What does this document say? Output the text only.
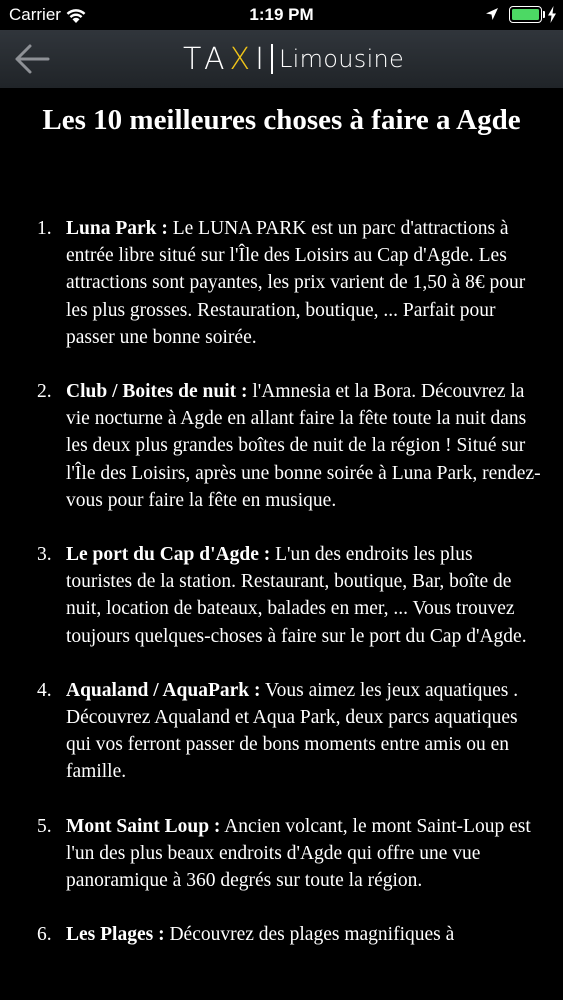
Carrier	1:19 PM
TAXI Limousine
Les 10 meilleures choses à faire a Agde
1. Luna Park : Le LUNA PARK est un parc d'attractions à entrée libre situé sur l'Île des Loisirs au Cap d'Agde. Les attractions sont payantes, les prix varient de 1,50 à 8€ pour les plus grosses. Restauration, boutique, ... Parfait pour passer une bonne soirée.
2. Club / Boites de nuit : l'Amnesia et la Bora. Découvrez la vie nocturne à Agde en allant faire la fête toute la nuit dans les deux plus grandes boîtes de nuit de la région ! Situé sur l'Île des Loisirs, après une bonne soirée à Luna Park, rendez-vous pour faire la fête en musique.
3. Le port du Cap d'Agde : L'un des endroits les plus touristes de la station. Restaurant, boutique, Bar, boîte de nuit, location de bateaux, balades en mer, ... Vous trouvez toujours quelques-choses à faire sur le port du Cap d'Agde.
4. Aqualand / AquaPark : Vous aimez les jeux aquatiques . Découvrez Aqualand et Aqua Park, deux parcs aquatiques qui vos ferront passer de bons moments entre amis ou en famille.
5. Mont Saint Loup : Ancien volcant, le mont Saint-Loup est l'un des plus beaux endroits d'Agde qui offre une vue panoramique à 360 degrés sur toute la région.
6. Les Plages : Découvrez des plages magnifiques à
